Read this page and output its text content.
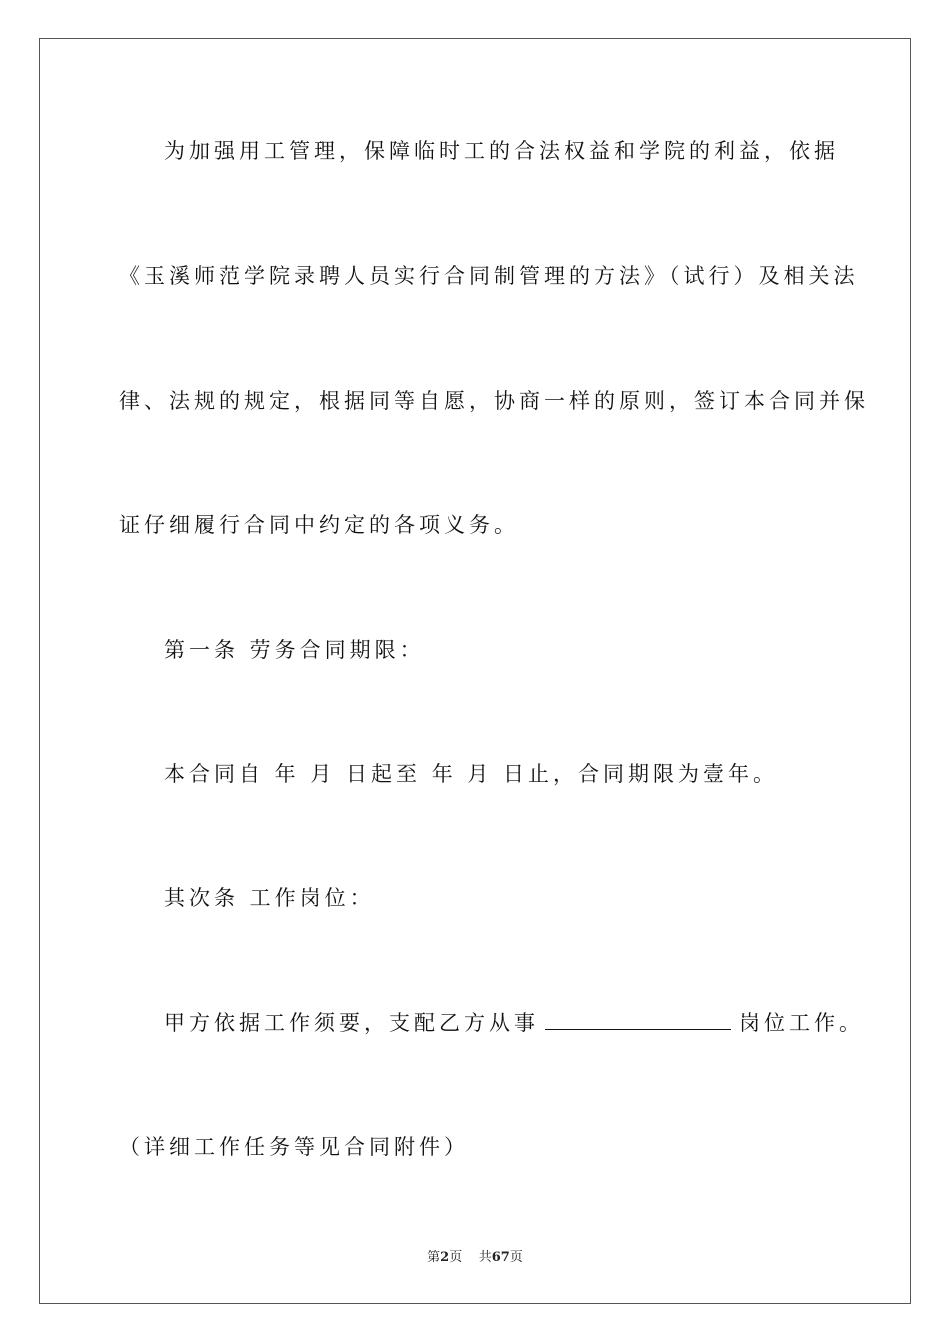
为加强用工管理，保障临时工的合法权益和学院的利益，依据
《玉溪师范学院录聘人员实行合同制管理的方法》（试行）及相关法
律、法规的规定，根据同等自愿，协商一样的原则，签订本合同并保
证仔细履行合同中约定的各项义务。
第一条 劳务合同期限：
本合同自 年 月 日起至 年 月 日止，合同期限为壹年。
其次条 工作岗位：
甲方依据工作须要，支配乙方从事	岗位工作。
（详细工作任务等见合同附件）
第2页    共67页
